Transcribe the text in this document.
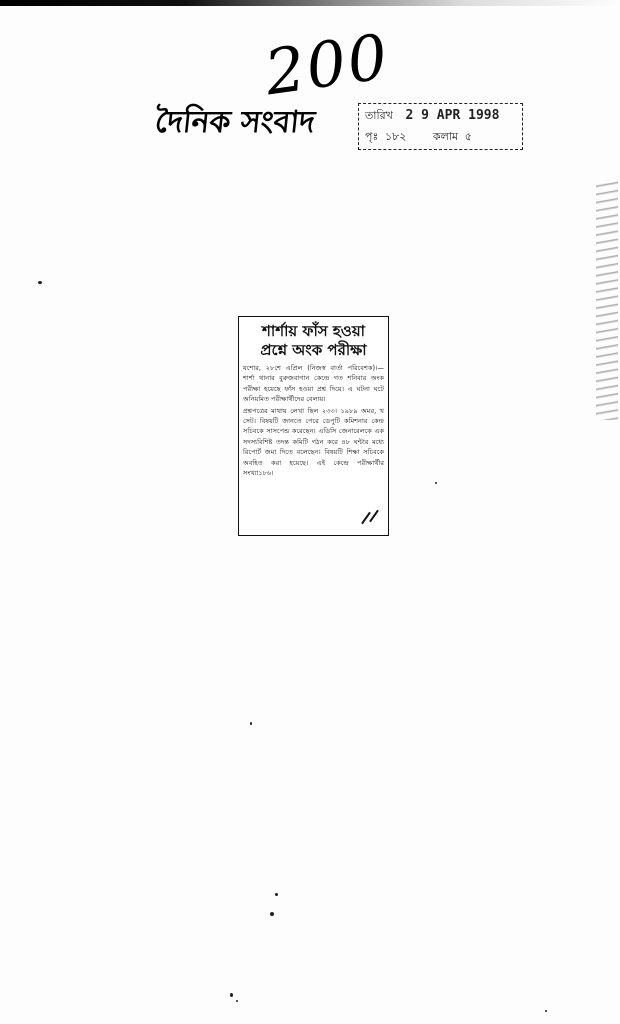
200
দৈনিক সংবাদ	তারিখ 2 9 APR 1998
পৃঃ ১৮২ কলাম ৫
শার্শায় ফাঁস হওয়া
প্রশ্নে অংক পরীক্ষা

যশোর, ২৮শে এপ্রিল (নিজস্ব বার্তা পরিবেশক)।— শার্শা থানার বুরুজবাগান কেন্দ্রে গত শনিবার অংক পরীক্ষা হয়েছে ফাঁস হওয়া প্রশ্ন দিয়ে। এ ঘটনা ঘটে অনিয়মিত পরীক্ষার্থীদের বেলায়।

প্রশ্নপত্রের মাথায় লেখা ছিল ২৩৩। ১৯৮৯ অমর, খ সেট। বিষয়টি জানতে পেরে ডেপুটি কমিশনার কেন্দ্র সচিবকে সাসপেন্ড করেছেন। এডিসি জেনারেলকে এক সদস্যবিশিষ্ট তদন্ত কমিটি গঠন করে ৪৮ ঘন্টার মধ্যে রিপোর্ট জমা দিতে বলেছেন। বিষয়টি শিক্ষা সচিবকে অবহিত করা হয়েছে। এই কেন্দ্রে পরীক্ষার্থীর সংখ্যা১৮৬।
